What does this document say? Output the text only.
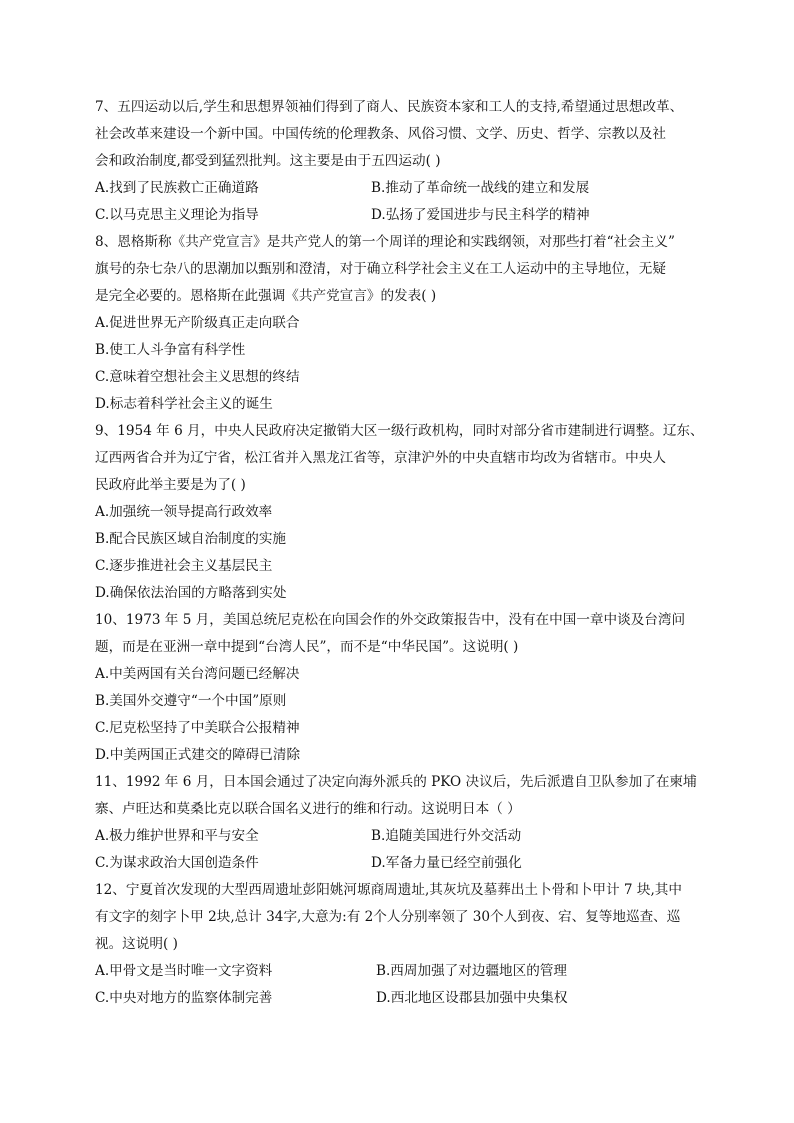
7、五四运动以后,学生和思想界领袖们得到了商人、民族资本家和工人的支持,希望通过思想改革、
社会改革来建设一个新中国。中国传统的伦理教条、风俗习惯、文学、历史、哲学、宗教以及社
会和政治制度,都受到猛烈批判。这主要是由于五四运动( )
A.找到了民族救亡正确道路	B.推动了革命统一战线的建立和发展
C.以马克思主义理论为指导	D.弘扬了爱国进步与民主科学的精神
8、恩格斯称《共产党宣言》是共产党人的第一个周详的理论和实践纲领，对那些打着“社会主义”
旗号的杂七杂八的思潮加以甄别和澄清，对于确立科学社会主义在工人运动中的主导地位，无疑
是完全必要的。恩格斯在此强调《共产党宣言》的发表( )
A.促进世界无产阶级真正走向联合
B.使工人斗争富有科学性
C.意味着空想社会主义思想的终结
D.标志着科学社会主义的诞生
9、1954 年 6 月，中央人民政府决定撤销大区一级行政机构，同时对部分省市建制进行调整。辽东、
辽西两省合并为辽宁省，松江省并入黑龙江省等，京津沪外的中央直辖市均改为省辖市。中央人
民政府此举主要是为了( )
A.加强统一领导提高行政效率
B.配合民族区域自治制度的实施
C.逐步推进社会主义基层民主
D.确保依法治国的方略落到实处
10、1973 年 5 月，美国总统尼克松在向国会作的外交政策报告中，没有在中国一章中谈及台湾问
题，而是在亚洲一章中提到“台湾人民”，而不是“中华民国”。这说明( )
A.中美两国有关台湾问题已经解决
B.美国外交遵守“一个中国”原则
C.尼克松坚持了中美联合公报精神
D.中美两国正式建交的障碍已清除
11、1992 年 6 月，日本国会通过了决定向海外派兵的 PKO 决议后，先后派遣自卫队参加了在柬埔
寨、卢旺达和莫桑比克以联合国名义进行的维和行动。这说明日本（ ）
A.极力维护世界和平与安全	B.追随美国进行外交活动
C.为谋求政治大国创造条件	D.军备力量已经空前强化
12、宁夏首次发现的大型西周遗址彭阳姚河塬商周遗址,其灰坑及墓葬出土卜骨和卜甲计 7 块,其中
有文字的刻字卜甲 2块,总计 34字,大意为:有 2个人分别率领了 30个人到夜、宕、复等地巡查、巡
视。这说明( )
A.甲骨文是当时唯一文字资料	B.西周加强了对边疆地区的管理
C.中央对地方的监察体制完善	D.西北地区设郡县加强中央集权
